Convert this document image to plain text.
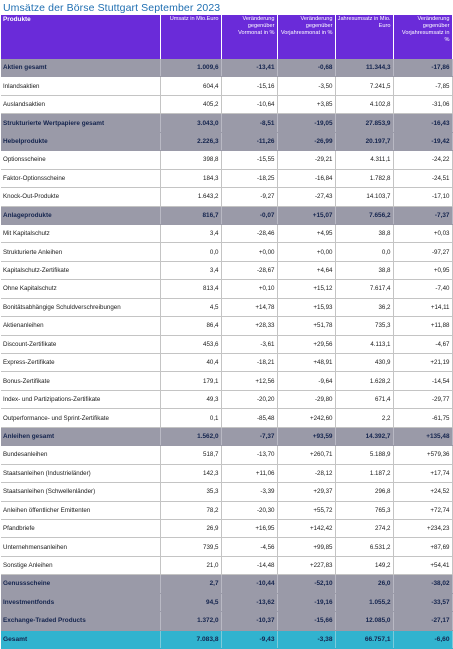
Umsätze der Börse Stuttgart September 2023
Produkte	Umsatz in Mio.Euro	Veränderung gegenüber Vormonat in %	Veränderung gegenüber Vorjahresmonat in %	Jahresumsatz in Mio. Euro	Veränderung gegenüber Vorjahresumsatz in %
Aktien gesamt	1.009,6	-13,41	-0,68	11.344,3	-17,86
Inlandsaktien	604,4	-15,16	-3,50	7.241,5	-7,85
Auslandsaktien	405,2	-10,64	+3,85	4.102,8	-31,06
Strukturierte Wertpapiere gesamt	3.043,0	-8,51	-19,05	27.853,9	-16,43
Hebelprodukte	2.226,3	-11,26	-26,99	20.197,7	-19,42
Optionsscheine	398,8	-15,55	-29,21	4.311,1	-24,22
Faktor-Optionsscheine	184,3	-18,25	-16,84	1.782,8	-24,51
Knock-Out-Produkte	1.643,2	-9,27	-27,43	14.103,7	-17,10
Anlageprodukte	816,7	-0,07	+15,07	7.656,2	-7,37
Mit Kapitalschutz	3,4	-28,46	+4,95	38,8	+0,03
Strukturierte Anleihen	0,0	+0,00	+0,00	0,0	-97,27
Kapitalschutz-Zertifikate	3,4	-28,67	+4,64	38,8	+0,95
Ohne Kapitalschutz	813,4	+0,10	+15,12	7.617,4	-7,40
Bonitätsabhängige Schuldverschreibungen	4,5	+14,78	+15,93	36,2	+14,11
Aktienanleihen	86,4	+28,33	+51,78	735,3	+11,88
Discount-Zertifikate	453,6	-3,61	+29,56	4.113,1	-4,67
Express-Zertifikate	40,4	-18,21	+48,91	430,9	+21,19
Bonus-Zertifikate	179,1	+12,56	-9,64	1.628,2	-14,54
Index- und Partizipations-Zertifikate	49,3	-20,20	-29,80	671,4	-29,77
Outperformance- und Sprint-Zertifikate	0,1	-85,48	+242,60	2,2	-61,75
Anleihen gesamt	1.562,0	-7,37	+93,59	14.392,7	+135,48
Bundesanleihen	518,7	-13,70	+260,71	5.188,9	+579,36
Staatsanleihen (Industrieländer)	142,3	+11,06	-28,12	1.187,2	+17,74
Staatsanleihen (Schwellenländer)	35,3	-3,39	+29,37	296,8	+24,52
Anleihen öffentlicher Emittenten	78,2	-20,30	+55,72	765,3	+72,74
Pfandbriefe	26,9	+16,95	+142,42	274,2	+234,23
Unternehmensanleihen	739,5	-4,56	+99,85	6.531,2	+87,69
Sonstige Anleihen	21,0	-14,48	+227,83	149,2	+54,41
Genussscheine	2,7	-10,44	-52,10	26,0	-38,02
Investmentfonds	94,5	-13,62	-19,16	1.055,2	-33,57
Exchange-Traded Products	1.372,0	-10,37	-15,66	12.085,0	-27,17
Gesamt	7.083,8	-9,43	-3,38	66.757,1	-6,60
